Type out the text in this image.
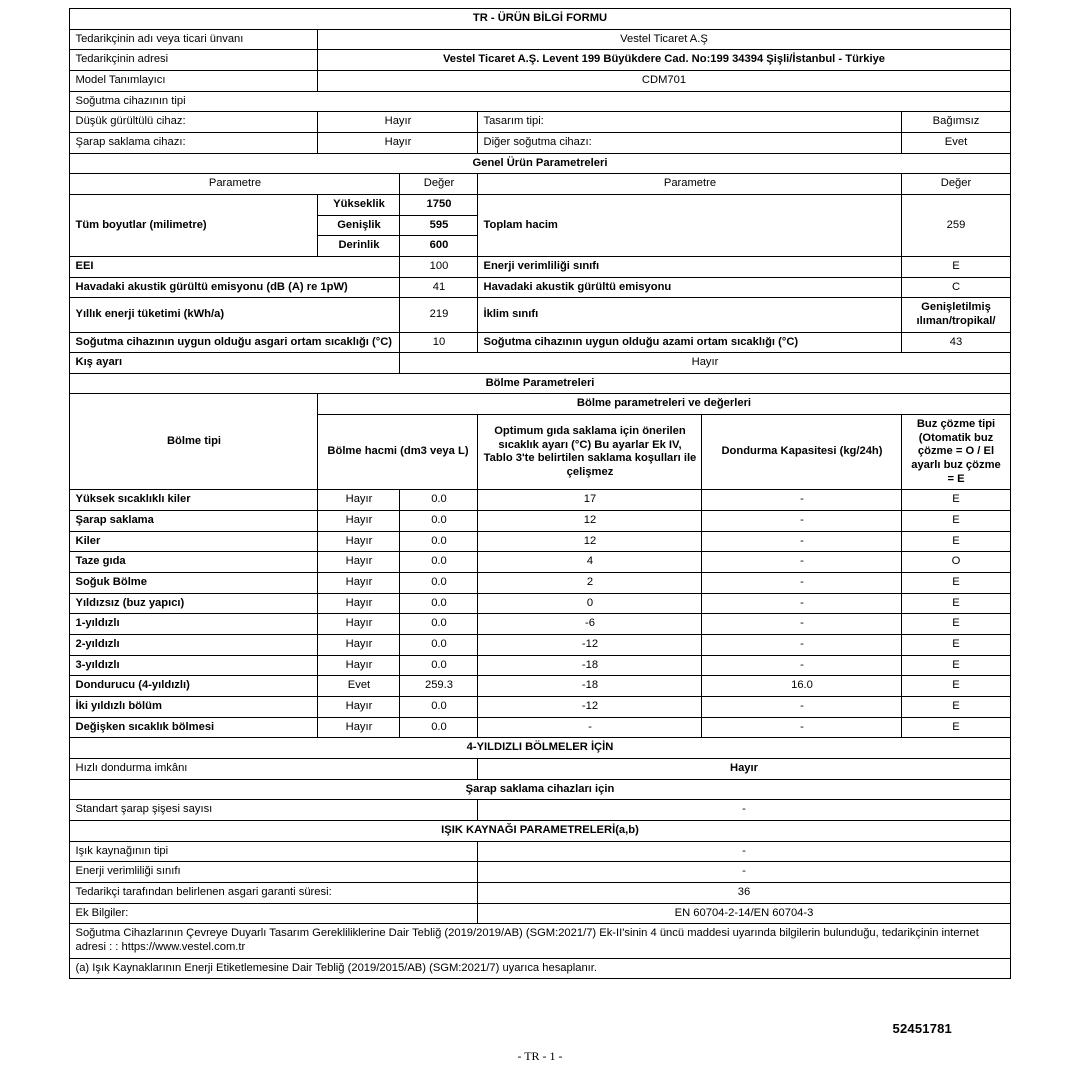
TR - ÜRÜN BİLGİ FORMU					
Tedarikçinin adı veya ticari ünvanı	Vestel Ticaret A.Ş				
Tedarikçinin adresi	Vestel Ticaret A.Ş. Levent 199 Büyükdere Cad. No:199 34394 Şişli/İstanbul - Türkiye				
Model Tanımlayıcı	CDM701				
Soğutma cihazının tipi					
Düşük gürültülü cihaz:	Hayır		Tasarım tipi:		Bağımsız
Şarap saklama cihazı:	Hayır		Diğer soğutma cihazı:		Evet
Genel Ürün Parametreleri					
Parametre		Değer	Parametre		Değer
Tüm boyutlar (milimetre)	Yükseklik	1750	Toplam hacim		259
	Genişlik	595			
	Derinlik	600			
EEI		100	Enerji verimliliği sınıfı		E
Havadaki akustik gürültü emisyonu (dB (A) re 1pW)		41	Havadaki akustik gürültü emisyonu		C
Yıllık enerji tüketimi (kWh/a)		219	İklim sınıfı		Genişletilmiş ılıman/tropikal/
Soğutma cihazının uygun olduğu asgari ortam sıcaklığı (°C)		10	Soğutma cihazının uygun olduğu azami ortam sıcaklığı (°C)		43
Kış ayarı		Hayır			
Bölme Parametreleri					
Bölme tipi	Bölme parametreleri ve değerleri				
	Bölme hacmi (dm3 veya L)		Optimum gıda saklama için önerilen sıcaklık ayarı (°C) Bu ayarlar Ek IV, Tablo 3'te belirtilen saklama koşulları ile çelişmez	Dondurma Kapasitesi (kg/24h)	Buz çözme tipi (Otomatik buz çözme = O / El ayarlı buz çözme = E
Yüksek sıcaklıklı kiler	Hayır	0.0	17	-	E
Şarap saklama	Hayır	0.0	12	-	E
Kiler	Hayır	0.0	12	-	E
Taze gıda	Hayır	0.0	4	-	O
Soğuk Bölme	Hayır	0.0	2	-	E
Yıldızsız (buz yapıcı)	Hayır	0.0	0	-	E
1-yıldızlı	Hayır	0.0	-6	-	E
2-yıldızlı	Hayır	0.0	-12	-	E
3-yıldızlı	Hayır	0.0	-18	-	E
Dondurucu (4-yıldızlı)	Evet	259.3	-18	16.0	E
İki yıldızlı bölüm	Hayır	0.0	-12	-	E
Değişken sıcaklık bölmesi	Hayır	0.0	-	-	E
4-YILDIZLI BÖLMELER İÇİN					
Hızlı dondurma imkânı			Hayır		
Şarap saklama cihazları için					
Standart şarap şişesi sayısı			-		
IŞIK KAYNAĞI PARAMETRELERİ(a,b)					
Işık kaynağının tipi			-		
Enerji verimliliği sınıfı			-		
Tedarikçi tarafından belirlenen asgari garanti süresi:			36		
Ek Bilgiler:			EN 60704-2-14/EN 60704-3		
Soğutma Cihazlarının Çevreye Duyarlı Tasarım Gerekliliklerine Dair Tebliğ (2019/2019/AB) (SGM:2021/7) Ek-II'sinin 4 üncü maddesi uyarında bilgilerin bulunduğu, tedarikçinin internet adresi : : https://www.vestel.com.tr					
(a) Işık Kaynaklarının Enerji Etiketlemesine Dair Tebliğ (2019/2015/AB) (SGM:2021/7) uyarıca hesaplanır.					
52451781
- TR - 1 -
